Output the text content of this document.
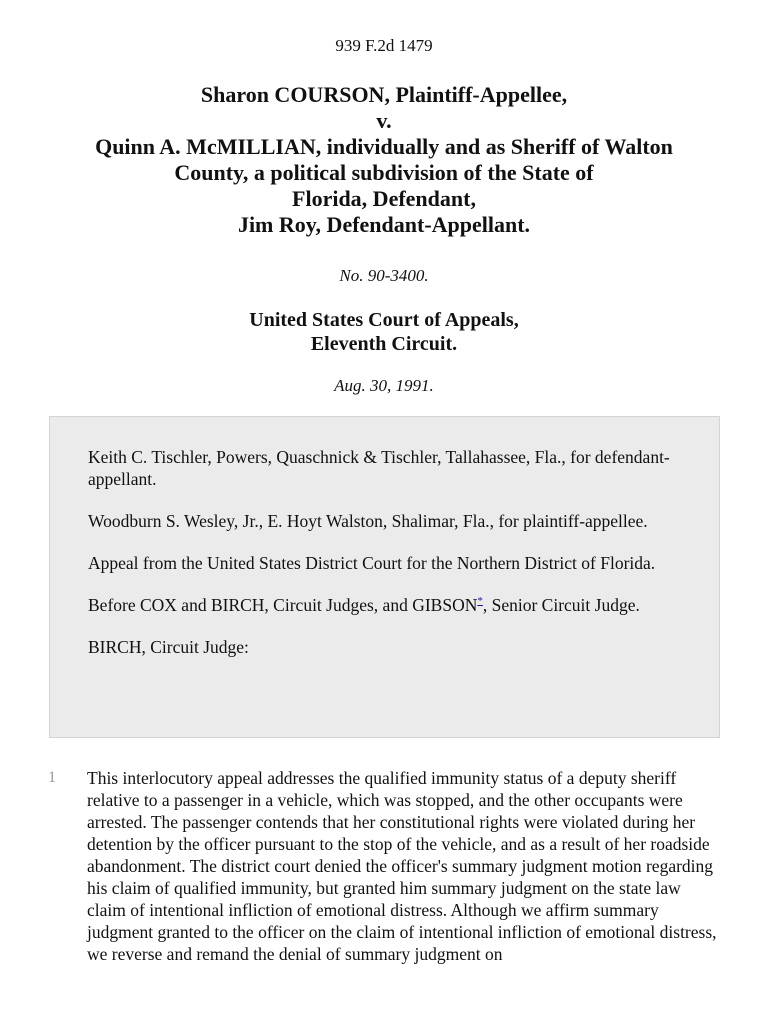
939 F.2d 1479
Sharon COURSON, Plaintiff-Appellee,
v.
Quinn A. McMILLIAN, individually and as Sheriff of Walton
County, a political subdivision of the State of
Florida, Defendant,
Jim Roy, Defendant-Appellant.
No. 90-3400.
United States Court of Appeals,
Eleventh Circuit.
Aug. 30, 1991.

Keith C. Tischler, Powers, Quaschnick & Tischler, Tallahassee, Fla., for defendant-appellant.

Woodburn S. Wesley, Jr., E. Hoyt Walston, Shalimar, Fla., for plaintiff-appellee.

Appeal from the United States District Court for the Northern District of Florida.

Before COX and BIRCH, Circuit Judges, and GIBSON*, Senior Circuit Judge.

BIRCH, Circuit Judge:

1 This interlocutory appeal addresses the qualified immunity status of a deputy sheriff relative to a passenger in a vehicle, which was stopped, and the other occupants were arrested. The passenger contends that her constitutional rights were violated during her detention by the officer pursuant to the stop of the vehicle, and as a result of her roadside abandonment. The district court denied the officer's summary judgment motion regarding his claim of qualified immunity, but granted him summary judgment on the state law claim of intentional infliction of emotional distress. Although we affirm summary judgment granted to the officer on the claim of intentional infliction of emotional distress, we reverse and remand the denial of summary judgment on
